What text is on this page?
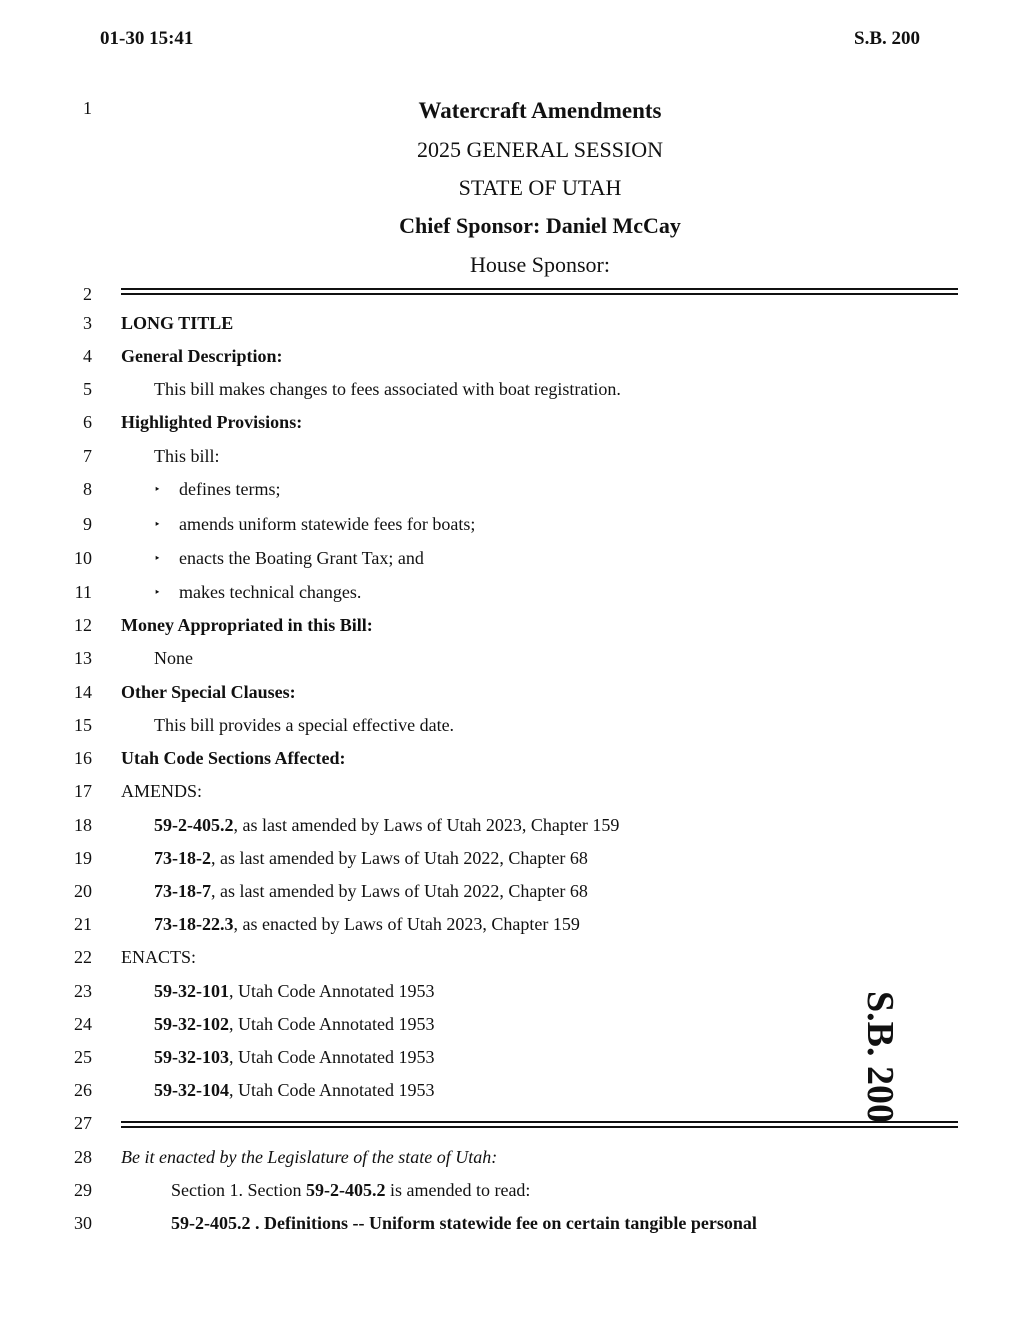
01-30 15:41	S.B. 200
1
2
3
4
5
6
7
8
9
10
11
12
13
14
15
16
17
18
19
20
21
22
23
24
25
26
27
28
29
30
Watercraft Amendments
2025 GENERAL SESSION
STATE OF UTAH
Chief Sponsor: Daniel McCay
House Sponsor:
LONG TITLE
General Description:
This bill makes changes to fees associated with boat registration.
Highlighted Provisions:
This bill:
‣ defines terms;
‣ amends uniform statewide fees for boats;
‣ enacts the Boating Grant Tax; and
‣ makes technical changes.
Money Appropriated in this Bill:
None
Other Special Clauses:
This bill provides a special effective date.
Utah Code Sections Affected:
AMENDS:
59-2-405.2, as last amended by Laws of Utah 2023, Chapter 159
73-18-2, as last amended by Laws of Utah 2022, Chapter 68
73-18-7, as last amended by Laws of Utah 2022, Chapter 68
73-18-22.3, as enacted by Laws of Utah 2023, Chapter 159
ENACTS:
59-32-101, Utah Code Annotated 1953
59-32-102, Utah Code Annotated 1953
59-32-103, Utah Code Annotated 1953
59-32-104, Utah Code Annotated 1953
Be it enacted by the Legislature of the state of Utah:
Section 1. Section 59-2-405.2 is amended to read:
59-2-405.2 . Definitions -- Uniform statewide fee on certain tangible personal
S.B. 200
